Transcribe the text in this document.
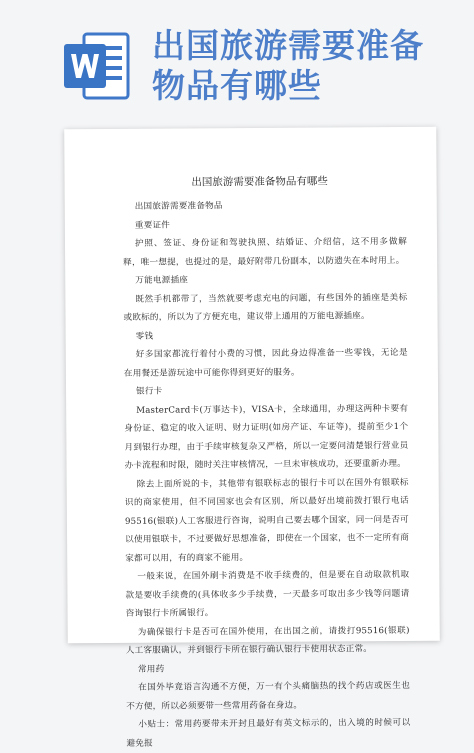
出国旅游需要准备
物品有哪些
出国旅游需要准备物品有哪些

出国旅游需要准备物品

重要证件

护照、签证、身份证和驾驶执照、结婚证、介绍信，这不用多做解释，唯一想提，也提过的是，最好附带几份副本，以防遗失在本时用上。

万能电源插座

既然手机都带了，当然就要考虑充电的问题，有些国外的插座是美标或欧标的，所以为了方便充电，建议带上通用的万能电源插座。

零钱

好多国家都流行着付小费的习惯，因此身边得准备一些零钱，无论是在用餐还是游玩途中可能你得到更好的服务。

银行卡

MasterCard卡(万事达卡)，VISA卡，全球通用，办理这两种卡要有身份证、稳定的收入证明、财力证明(如房产证、车证等)，提前至少1个月到银行办理，由于手续审核复杂又严格，所以一定要问清楚银行营业员办卡流程和时限，随时关注审核情况，一旦未审核成功，还要重新办理。

除去上面所说的卡，其他带有银联标志的银行卡可以在国外有银联标识的商家使用，但不同国家也会有区别，所以最好出境前拨打银行电话95516(银联)人工客服进行咨询，说明自己要去哪个国家，同一问是否可以使用银联卡，不过要做好思想准备，即使在一个国家，也不一定所有商家都可以用，有的商家不能用。

一般来说，在国外刷卡消费是不收手续费的，但是要在自动取款机取款是要收手续费的(具体收多少手续费，一天最多可取出多少钱等问题请咨询银行卡所属银行。

为确保银行卡是否可在国外使用，在出国之前，请拨打95516(银联)人工客服确认，并到银行卡所在银行确认银行卡使用状态正常。

常用药

在国外毕竟语言沟通不方便，万一有个头痛脑热的找个药店或医生也不方便，所以必须要带一些常用药备在身边。

小贴士：常用药要带未开封且最好有英文标示的，出入境的时候可以避免报
